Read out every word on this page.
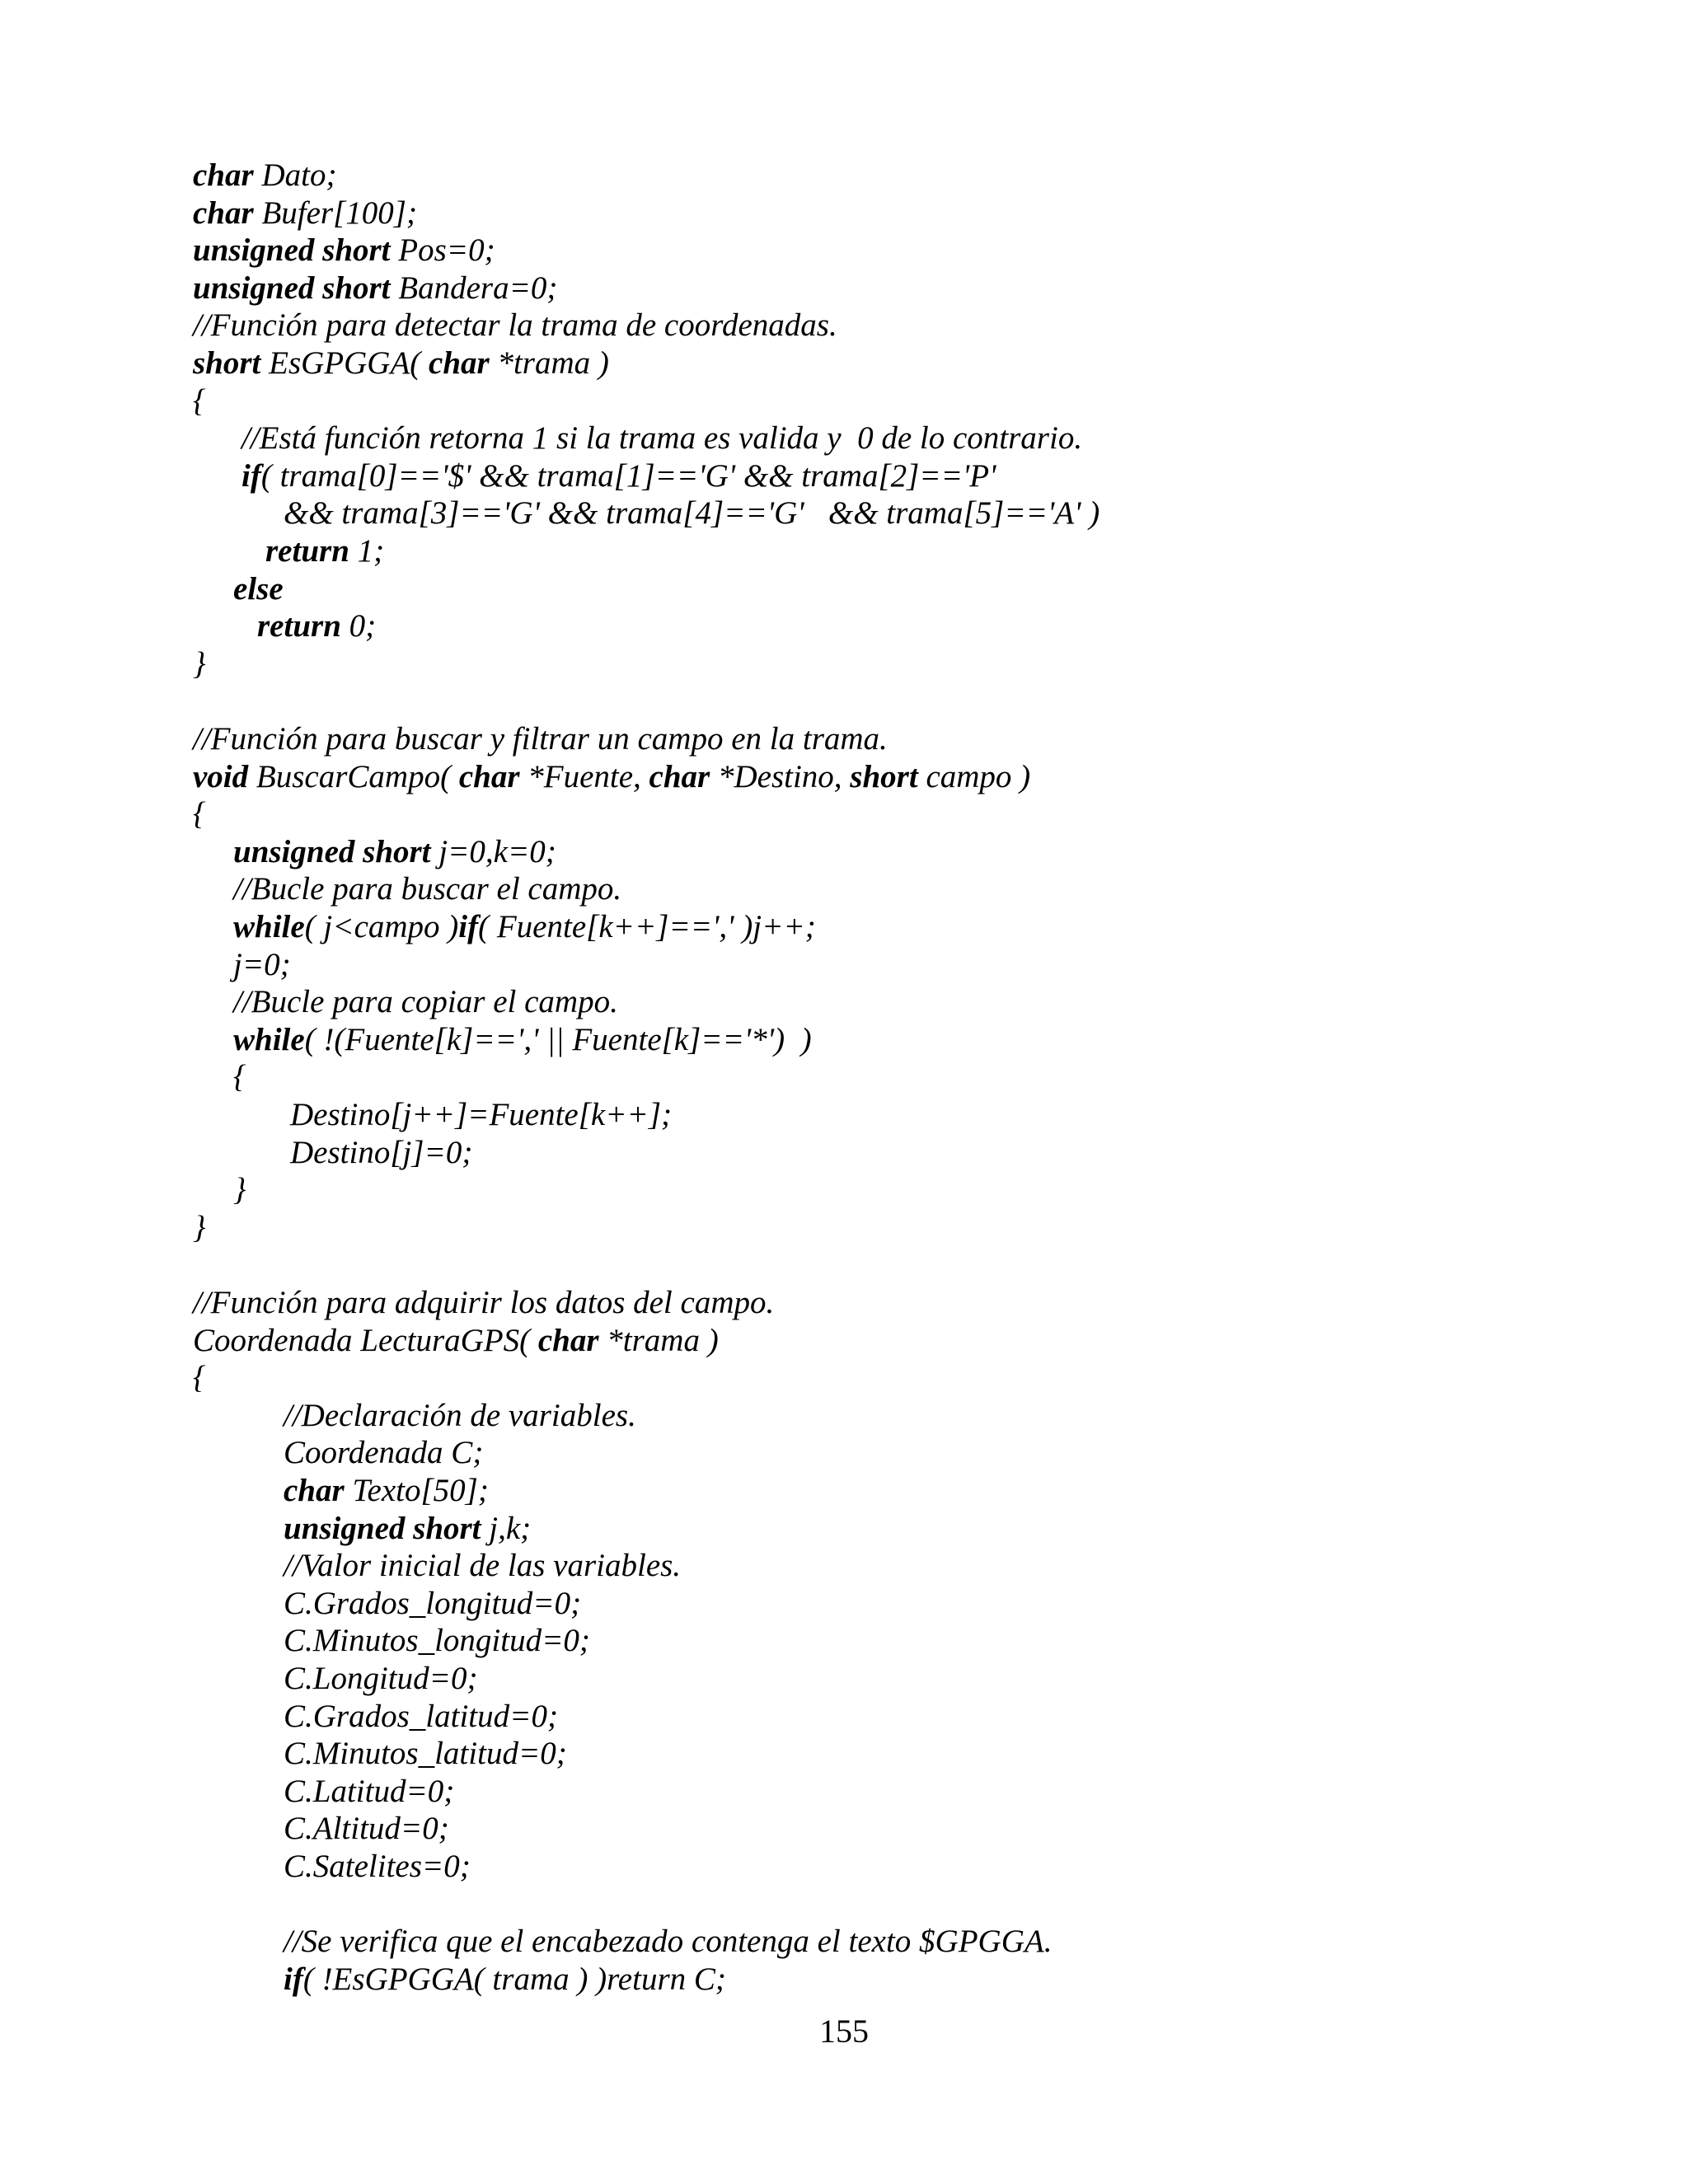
char Dato;
char Bufer[100];
unsigned short Pos=0;
unsigned short Bandera=0;
//Función para detectar la trama de coordenadas.
short EsGPGGA( char *trama )
{
//Está función retorna 1 si la trama es valida y  0 de lo contrario.
if( trama[0]=='$' && trama[1]=='G' && trama[2]=='P'
&& trama[3]=='G' && trama[4]=='G'   && trama[5]=='A' )
return 1;
else
return 0;
}
//Función para buscar y filtrar un campo en la trama.
void BuscarCampo( char *Fuente, char *Destino, short campo )
{
unsigned short j=0,k=0;
//Bucle para buscar el campo.
while( j<campo )if( Fuente[k++]==',' )j++;
j=0;
//Bucle para copiar el campo.
while( !(Fuente[k]==',' || Fuente[k]=='*')  )
{
Destino[j++]=Fuente[k++];
Destino[j]=0;
}
}
//Función para adquirir los datos del campo.
Coordenada LecturaGPS( char *trama )
{
//Declaración de variables.
Coordenada C;
char Texto[50];
unsigned short j,k;
//Valor inicial de las variables.
C.Grados_longitud=0;
C.Minutos_longitud=0;
C.Longitud=0;
C.Grados_latitud=0;
C.Minutos_latitud=0;
C.Latitud=0;
C.Altitud=0;
C.Satelites=0;
//Se verifica que el encabezado contenga el texto $GPGGA.
if( !EsGPGGA( trama ) )return C;
155
